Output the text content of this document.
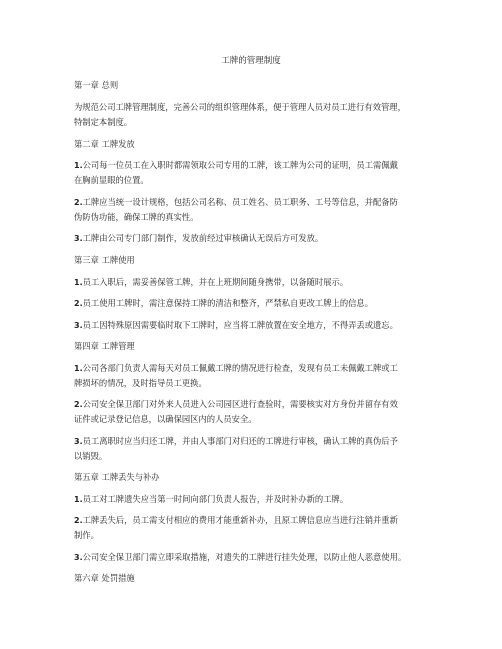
工牌的管理制度
第一章 总则
为规范公司工牌管理制度，完善公司的组织管理体系，便于管理人员对员工进行有效管理，
特制定本制度。
第二章 工牌发放
1.公司每一位员工在入职时都需领取公司专用的工牌，该工牌为公司的证明，员工需佩戴
在胸前显眼的位置。
2.工牌应当统一设计规格，包括公司名称、员工姓名、员工职务、工号等信息，并配备防
伪防伪功能，确保工牌的真实性。
3.工牌由公司专门部门制作，发放前经过审核确认无误后方可发放。
第三章 工牌使用
1.员工入职后，需妥善保管工牌，并在上班期间随身携带，以备随时展示。
2.员工使用工牌时，需注意保持工牌的清洁和整齐，严禁私自更改工牌上的信息。
3.员工因特殊原因需要临时取下工牌时，应当将工牌放置在安全地方，不得弄丢或遗忘。
第四章 工牌管理
1.公司各部门负责人需每天对员工佩戴工牌的情况进行检查，发现有员工未佩戴工牌或工
牌损坏的情况，及时指导员工更换。
2.公司安全保卫部门对外来人员进入公司园区进行查验时，需要核实对方身份并留存有效
证件或记录登记信息，以确保园区内的人员安全。
3.员工离职时应当归还工牌，并由人事部门对归还的工牌进行审核，确认工牌的真伪后予
以销毁。
第五章 工牌丢失与补办
1.员工对工牌遗失应当第一时间向部门负责人报告，并及时补办新的工牌。
2.工牌丢失后，员工需支付相应的费用才能重新补办，且原工牌信息应当进行注销并重新
制作。
3.公司安全保卫部门需立即采取措施，对遗失的工牌进行挂失处理，以防止他人恶意使用。
第六章 处罚措施
